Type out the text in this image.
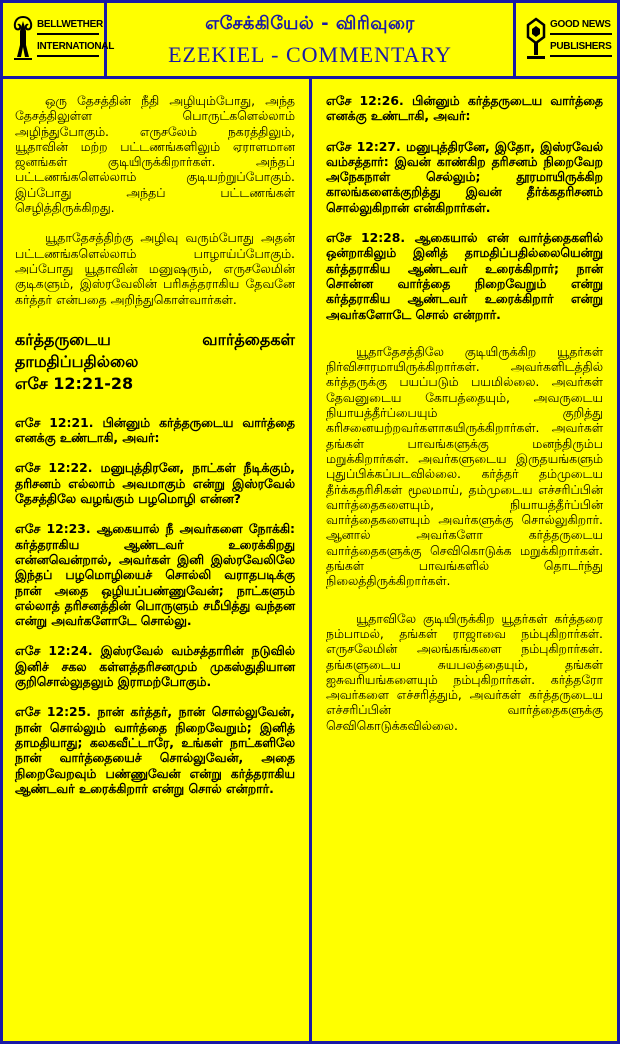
BELLWETHER
INTERNATIONAL
எசேக்கியேல் - விரிவுரை
EZEKIEL - COMMENTARY
GOOD NEWS
PUBLISHERS

ஒரு தேசத்தின் நீதி அழியும்போது, அந்த தேசத்திலுள்ள பொருட்களெல்லாம் அழிந்துபோகும். எருசலேம் நகரத்திலும், யூதாவின் மற்ற பட்டணங்களிலும் ஏராளமான ஜனங்கள் குடியிருக்கிறார்கள். அந்தப் பட்டணங்களெல்லாம் குடியற்றுப்போகும். இப்போது அந்தப் பட்டணங்கள் செழித்திருக்கிறது.

யூதாதேசத்திற்கு அழிவு வரும்போது அதன் பட்டணங்களெல்லாம் பாழாய்ப்போகும். அப்போது யூதாவின் மனுஷரும், எருசலேமின் குடிகளும், இஸ்ரவேலின் பரிசுத்தராகிய தேவனே கர்த்தர் என்பதை அறிந்துகொள்வார்கள்.

கர்த்தருடைய வார்த்தைகள் தாமதிப்பதில்லை
எசே 12:21-28

எசே 12:21. பின்னும் கர்த்தருடைய வார்த்தை எனக்கு உண்டாகி, அவர்:

எசே 12:22. மனுபுத்திரனே, நாட்கள் நீடிக்கும், தரிசனம் எல்லாம் அவமாகும் என்று இஸ்ரவேல் தேசத்திலே வழங்கும் பழமொழி என்ன?

எசே 12:23. ஆகையால் நீ அவர்களை நோக்கி: கர்த்தராகிய ஆண்டவர் உரைக்கிறது என்னவென்றால், அவர்கள் இனி இஸ்ரவேலிலே இந்தப் பழமொழியைச் சொல்லி வராதபடிக்கு நான் அதை ஒழியப்பண்ணுவேன்; நாட்களும் எல்லாத் தரிசனத்தின் பொருளும் சமீபித்து வந்தன என்று அவர்களோடே சொல்லு.

எசே 12:24. இஸ்ரவேல் வம்சத்தாரின் நடுவில் இனிச் சகல கள்ளத்தரிசனமும் முகஸ்துதியான குறிசொல்லுதலும் இராமற்போகும்.

எசே 12:25. நான் கர்த்தர், நான் சொல்லுவேன், நான் சொல்லும் வார்த்தை நிறைவேறும்; இனித் தாமதியாது; கலகவீட்டாரே, உங்கள் நாட்களிலே நான் வார்த்தையைச் சொல்லுவேன், அதை நிறைவேறவும் பண்ணுவேன் என்று கர்த்தராகிய ஆண்டவர் உரைக்கிறார் என்று சொல் என்றார்.

எசே 12:26. பின்னும் கர்த்தருடைய வார்த்தை எனக்கு உண்டாகி, அவர்:

எசே 12:27. மனுபுத்திரனே, இதோ, இஸ்ரவேல் வம்சத்தார்: இவன் காண்கிற தரிசனம் நிறைவேற அநேகநாள் செல்லும்; தூரமாயிருக்கிற காலங்களைக்குறித்து இவன் தீர்க்கதரிசனம் சொல்லுகிறான் என்கிறார்கள்.

எசே 12:28. ஆகையால் என் வார்த்தைகளில் ஒன்றாகிலும் இனித் தாமதிப்பதில்லையென்று கர்த்தராகிய ஆண்டவர் உரைக்கிறார்; நான் சொன்ன வார்த்தை நிறைவேறும் என்று கர்த்தராகிய ஆண்டவர் உரைக்கிறார் என்று அவர்களோடே சொல் என்றார்.

யூதாதேசத்திலே குடியிருக்கிற யூதர்கள் நிர்விசாரமாயிருக்கிறார்கள். அவர்களிடத்தில் கர்த்தருக்கு பயப்படும் பயமில்லை. அவர்கள் தேவனுடைய கோபத்தையும், அவருடைய நியாயத்தீர்ப்பையும் குறித்து கரிசனையற்றவர்களாகயிருக்கிறார்கள். அவர்கள் தங்கள் பாவங்களுக்கு மனந்திரும்ப மறுக்கிறார்கள். அவர்களுடைய இருதயங்களும் புதுப்பிக்கப்படவில்லை. கர்த்தர் தம்முடைய தீர்க்கதரிசிகள் மூலமாய், தம்முடைய எச்சரிப்பின் வார்த்தைகளையும், நியாயத்தீர்ப்பின் வார்த்தைகளையும் அவர்களுக்கு சொல்லுகிறார். ஆனால் அவர்களோ கர்த்தருடைய வார்த்தைகளுக்கு செவிகொடுக்க மறுக்கிறார்கள். தங்கள் பாவங்களில் தொடர்ந்து நிலைத்திருக்கிறார்கள்.

யூதாவிலே குடியிருக்கிற யூதர்கள் கர்த்தரை நம்பாமல், தங்கள் ராஜாவை நம்புகிறார்கள். எருசலேமின் அலங்கங்களை நம்புகிறார்கள். தங்களுடைய சுயபலத்தையும், தங்கள் ஐசுவரியங்களையும் நம்புகிறார்கள். கர்த்தரோ அவர்களை எச்சரித்தும், அவர்கள் கர்த்தருடைய எச்சரிப்பின் வார்த்தைகளுக்கு செவிகொடுக்கவில்லை.
